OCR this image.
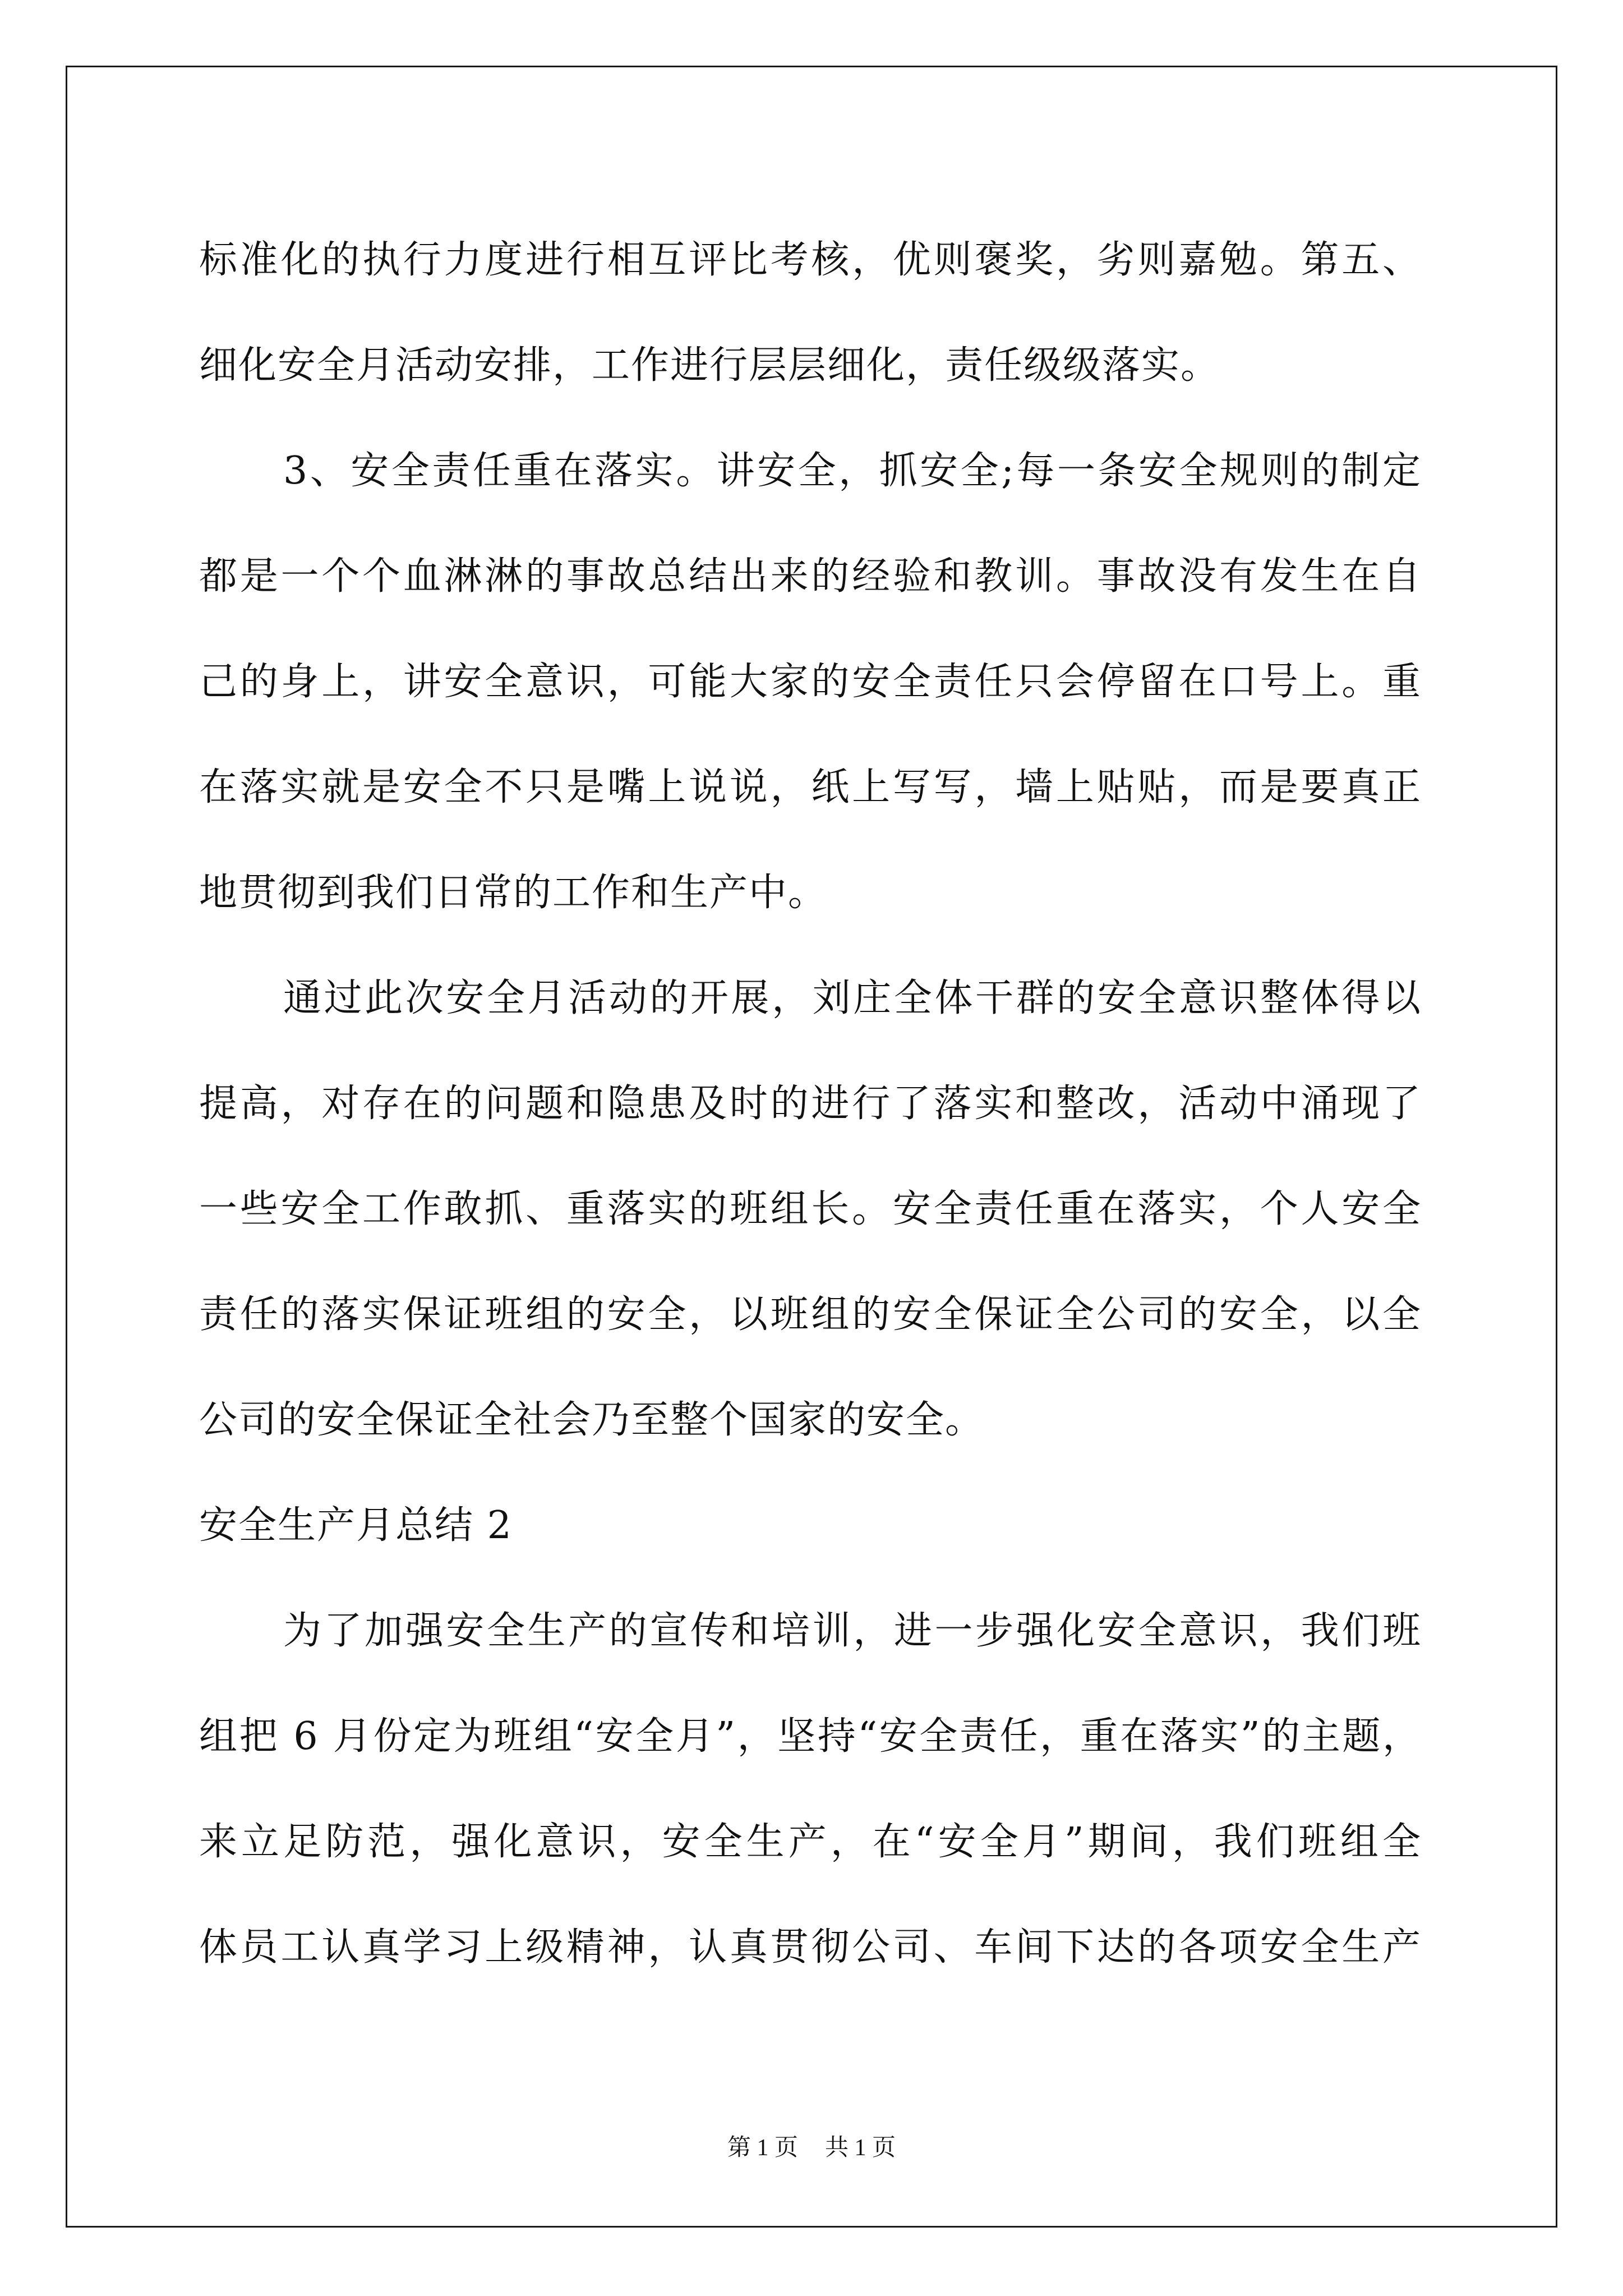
标准化的执行力度进行相互评比考核，优则褒奖，劣则嘉勉。第五、
细化安全月活动安排，工作进行层层细化，责任级级落实。
3、安全责任重在落实。讲安全，抓安全;每一条安全规则的制定
都是一个个血淋淋的事故总结出来的经验和教训。事故没有发生在自
己的身上，讲安全意识，可能大家的安全责任只会停留在口号上。重
在落实就是安全不只是嘴上说说，纸上写写，墙上贴贴，而是要真正
地贯彻到我们日常的工作和生产中。
通过此次安全月活动的开展，刘庄全体干群的安全意识整体得以
提高，对存在的问题和隐患及时的进行了落实和整改，活动中涌现了
一些安全工作敢抓、重落实的班组长。安全责任重在落实，个人安全
责任的落实保证班组的安全，以班组的安全保证全公司的安全，以全
公司的安全保证全社会乃至整个国家的安全。
安全生产月总结 2
为了加强安全生产的宣传和培训，进一步强化安全意识，我们班
组把 6 月份定为班组“安全月”，坚持“安全责任，重在落实”的主题，
来立足防范，强化意识，安全生产，在“安全月”期间，我们班组全
体员工认真学习上级精神，认真贯彻公司、车间下达的各项安全生产
第 1 页 共 1 页
